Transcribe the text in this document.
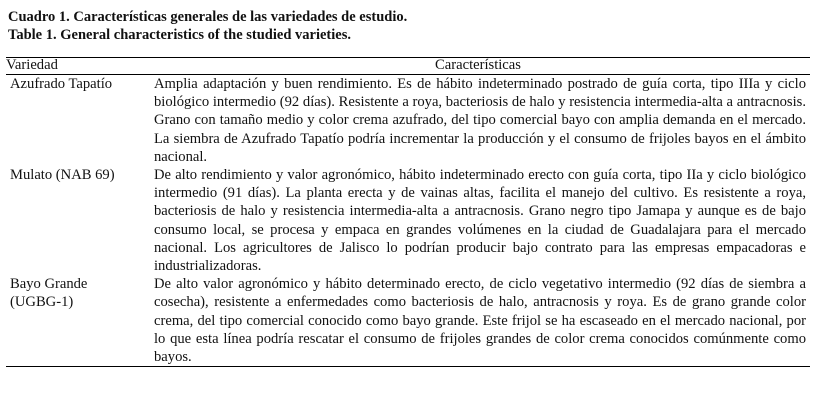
Cuadro 1. Características generales de las variedades de estudio.
Table 1. General characteristics of the studied varieties.
Variedad	Características

Azufrado Tapatío	Amplia adaptación y buen rendimiento. Es de hábito indeterminado postrado de guía corta, tipo IIIa y ciclo biológico intermedio (92 días). Resistente a roya, bacteriosis de halo y resistencia intermedia-alta a antracnosis. Grano con tamaño medio y color crema azufrado, del tipo comercial bayo con amplia demanda en el mercado. La siembra de Azufrado Tapatío podría incrementar la producción y el consumo de frijoles bayos en el ámbito nacional.

Mulato (NAB 69)	De alto rendimiento y valor agronómico, hábito indeterminado erecto con guía corta, tipo IIa y ciclo biológico intermedio (91 días). La planta erecta y de vainas altas, facilita el manejo del cultivo. Es resistente a roya, bacteriosis de halo y resistencia intermedia-alta a antracnosis. Grano negro tipo Jamapa y aunque es de bajo consumo local, se procesa y empaca en grandes volúmenes en la ciudad de Guadalajara para el mercado nacional. Los agricultores de Jalisco lo podrían producir bajo contrato para las empresas empacadoras e industrializadoras.

Bayo Grande
(UGBG-1)	De alto valor agronómico y hábito determinado erecto, de ciclo vegetativo intermedio (92 días de siembra a cosecha), resistente a enfermedades como bacteriosis de halo, antracnosis y roya. Es de grano grande color crema, del tipo comercial conocido como bayo grande. Este frijol se ha escaseado en el mercado nacional, por lo que esta línea podría rescatar el consumo de frijoles grandes de color crema conocidos comúnmente como bayos.
